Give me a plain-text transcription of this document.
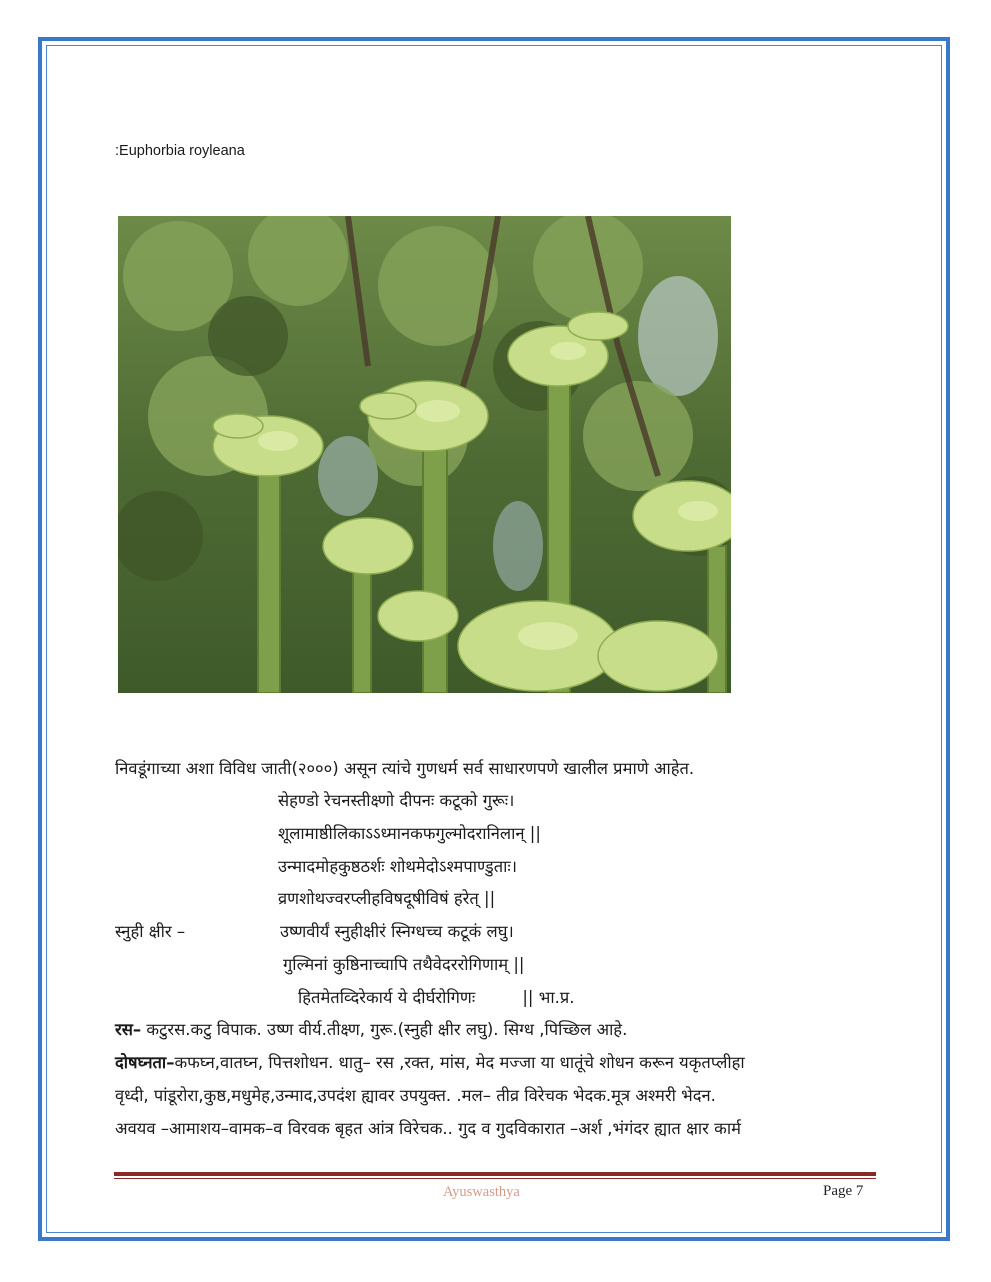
:Euphorbia royleana
निवडूंगाच्या अशा विविध जाती(२०००) असून त्यांचे गुणधर्म सर्व साधारणपणे खालील प्रमाणे आहेत.
सेहण्डो रेचनस्तीक्ष्णो दीपनः कटूको गुरूः।
शूलामाष्ठीलिकाऽऽध्मानकफगुल्मोदरानिलान् ||
उन्मादमोहकुष्ठठर्शः शोथमेदोऽश्मपाण्डुताः।
व्रणशोथज्वरप्लीहविषदूषीविषं हरेत् ||
स्नुही क्षीर –	उष्णवीर्यं स्नुहीक्षीरं स्निग्धच्च कटूकं लघु।
गुल्मिनां कुष्ठिनाच्चापि तथैवेदररोगिणाम् ||
हितमेतव्दिरेकार्य ये दीर्घरोगिणः         || भा.प्र.
रस– कटुरस.कटु विपाक. उष्ण वीर्य.तीक्ष्ण, गुरू.(स्नुही क्षीर लघु). सिग्ध ,पिच्छिल आहे.
दोषघ्नता–कफघ्न,वातघ्न, पित्तशोधन. धातु– रस ,रक्त, मांस, मेद मज्जा या धातूंचे शोधन करून यकृतप्लीहा
वृध्दी, पांडूरोरा,कुष्ठ,मधुमेह,उन्माद,उपदंश ह्यावर उपयुक्त. .मल– तीव्र विरेचक भेदक.मूत्र अश्मरी भेदन.
अवयव –आमाशय–वामक–व विरवक बृहत आंत्र विरेचक.. गुद व गुदविकारात –अर्श ,भंगंदर ह्यात क्षार कार्म
Ayuswasthya	Page 7
